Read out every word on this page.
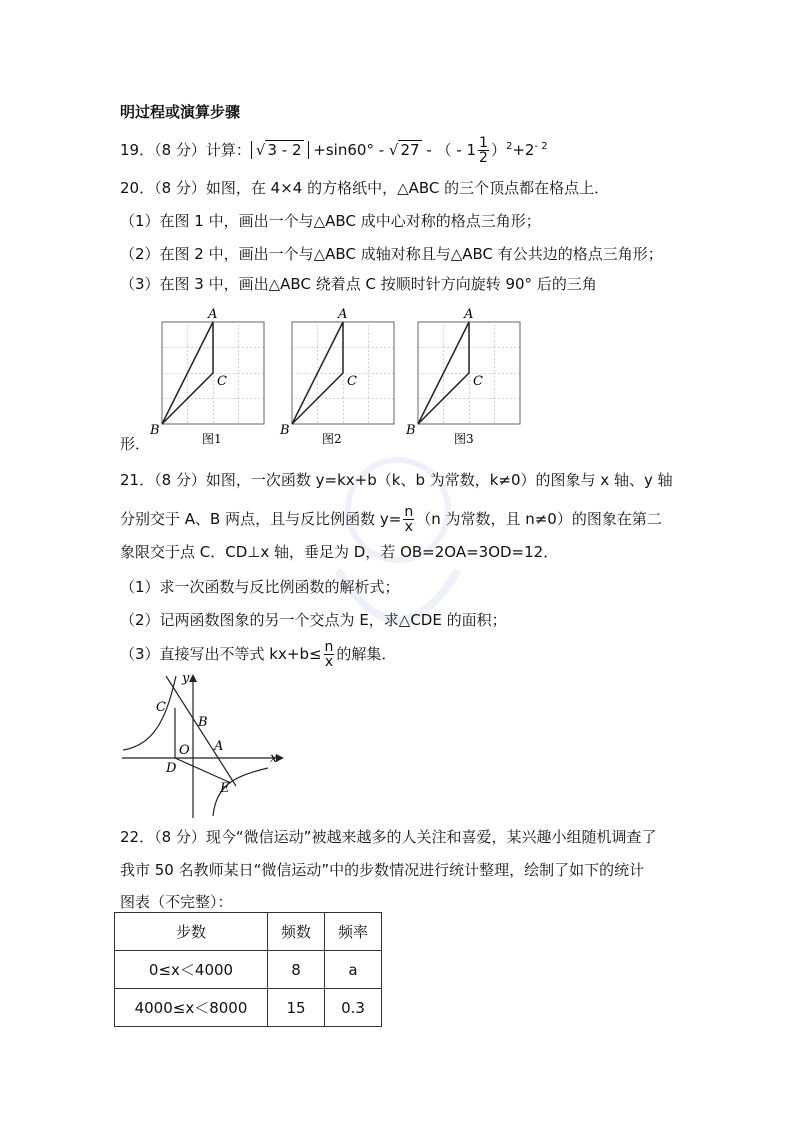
明过程或演算步骤
19．（8 分）计算： √ 3 - 2 +sin60° - √ 27 - （ - $1 \frac{1}{2} )^2+2^{- 2}$
20．（8 分）如图，在 4×4 的方格纸中，△ABC 的三个顶点都在格点上．
（1）在图 1 中，画出一个与△ABC 成中心对称的格点三角形；
（2）在图 2 中，画出一个与△ABC 成轴对称且与△ABC 有公共边的格点三角形；
（3）在图 3 中，画出△ABC 绕着点 C 按顺时针方向旋转 90° 后的三角
形．
A
B
C
图1
A
B
C
图2
A
B
C
图3
21．（8 分）如图，一次函数 y=kx+b（k、b 为常数，k≠0）的图象与 x 轴、y 轴
分别交于 A、B 两点，且与反比例函数 $y= \frac{n}{x} (n$ 为常数，且 n≠0）的图象在第二
象限交于点 C．CD⊥x 轴，垂足为 D，若 OB=2OA=3OD=12．
（1）求一次函数与反比例函数的解析式；
（2）记两函数图象的另一个交点为 E，求△CDE 的面积；
（3）直接写出不等式 $kx+b\le \frac{n}{x}$ 的解集．
y
x
C
B
O A
D
E
22．（8 分）现今“微信运动”被越来越多的人关注和喜爱，某兴趣小组随机调查了
我市 50 名教师某日“微信运动”中的步数情况进行统计整理，绘制了如下的统计
图表（不完整）：
步数	频数	频率
0≤x＜4000	8	a
4000≤x＜8000	15	0.3
